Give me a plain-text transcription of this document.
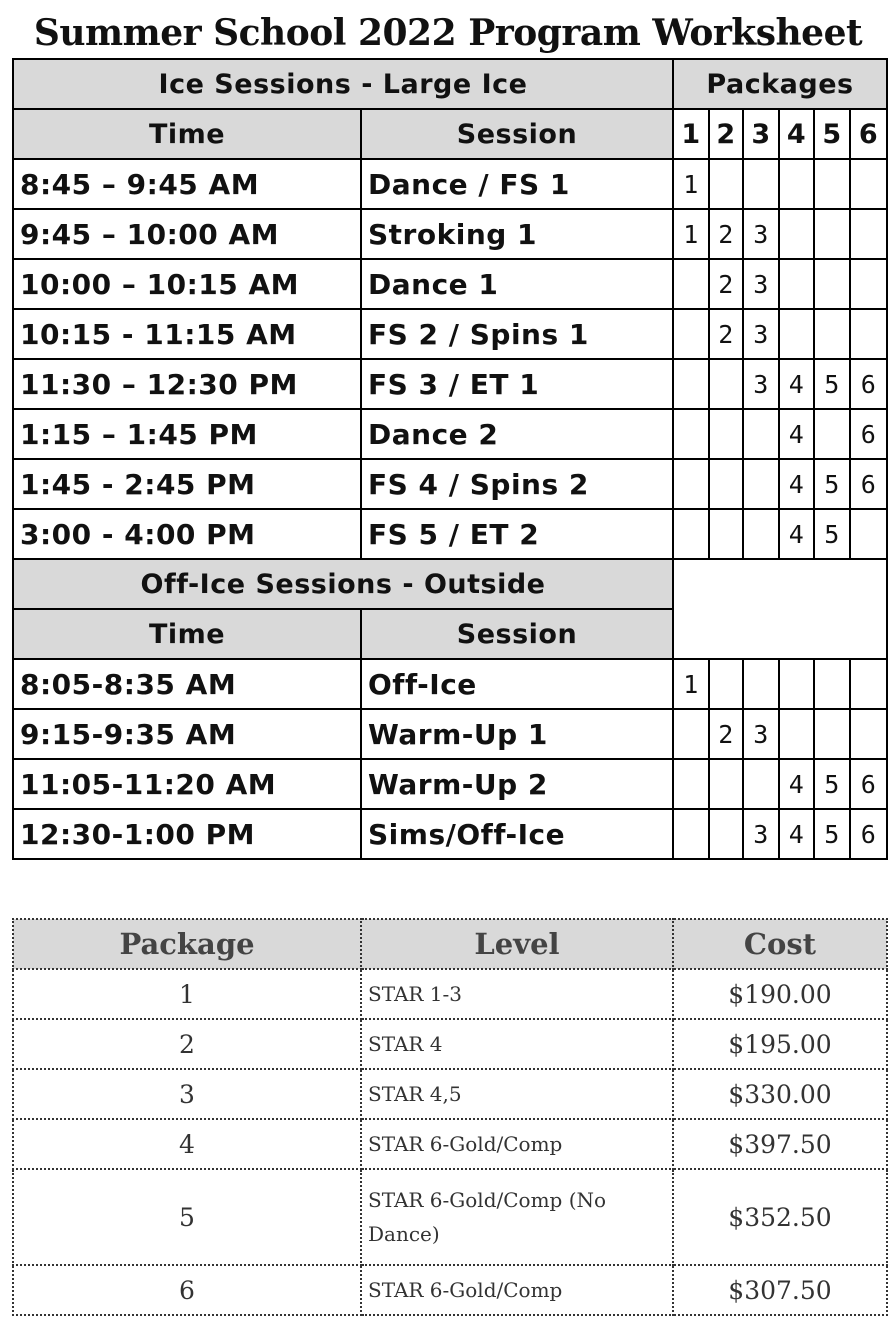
Summer School 2022 Program Worksheet
Ice Sessions - Large Ice		Packages					
Time	Session	1	2	3	4	5	6
8:45 – 9:45 AM	Dance / FS 1	1					
9:45 – 10:00 AM	Stroking 1	1	2	3			
10:00 – 10:15 AM	Dance 1		2	3			
10:15 - 11:15 AM	FS 2 / Spins 1		2	3			
11:30 – 12:30 PM	FS 3 / ET 1			3	4	5	6
1:15 – 1:45 PM	Dance 2				4		6
1:45 - 2:45 PM	FS 4 / Spins 2				4	5	6
3:00 - 4:00 PM	FS 5 / ET 2				4	5	
Off-Ice Sessions - Outside							
Time	Session						
8:05-8:35 AM	Off-Ice	1					
9:15-9:35 AM	Warm-Up 1		2	3			
11:05-11:20 AM	Warm-Up 2				4	5	6
12:30-1:00 PM	Sims/Off-Ice			3	4	5	6
Package	Level	Cost
1	STAR 1-3	$190.00
2	STAR 4	$195.00
3	STAR 4,5	$330.00
4	STAR 6-Gold/Comp	$397.50
5	STAR 6-Gold/Comp (No Dance)	$352.50
6	STAR 6-Gold/Comp	$307.50
